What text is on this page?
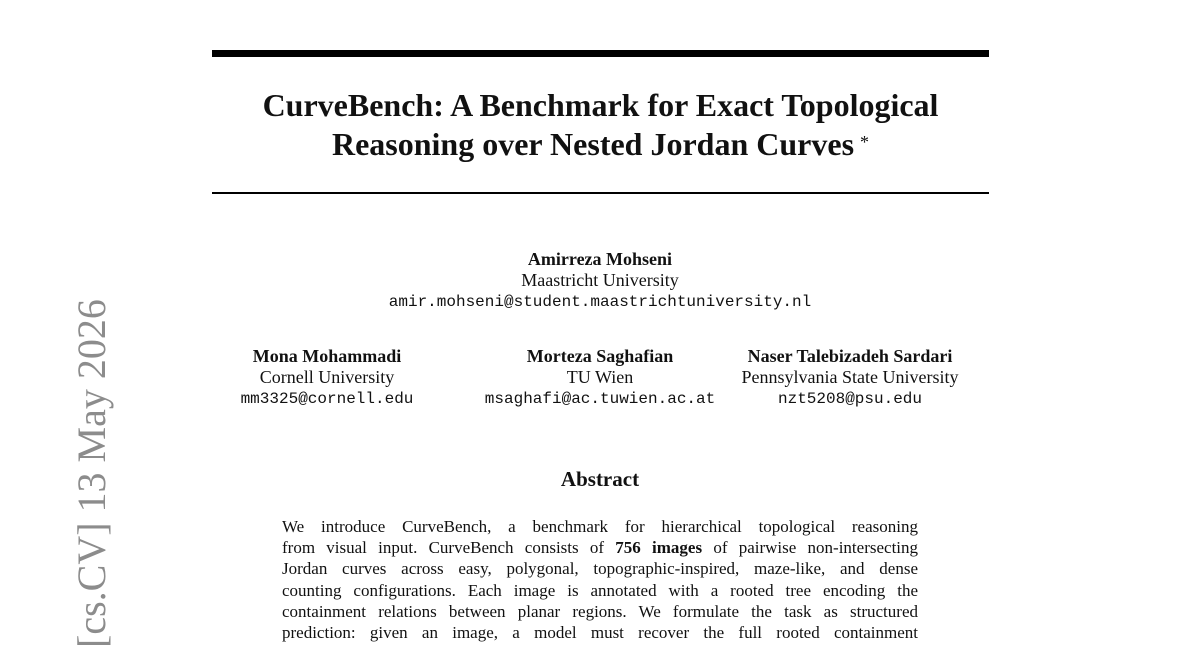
CurveBench: A Benchmark for Exact Topological
Reasoning over Nested Jordan Curves *
Amirreza Mohseni
Maastricht University
amir.mohseni@student.maastrichtuniversity.nl
Mona Mohammadi
Cornell University
mm3325@cornell.edu
Morteza Saghafian
TU Wien
msaghafi@ac.tuwien.ac.at
Naser Talebizadeh Sardari
Pennsylvania State University
nzt5208@psu.edu
Abstract
We introduce CurveBench, a benchmark for hierarchical topological reasoning
from visual input. CurveBench consists of 756 images of pairwise non-intersecting
Jordan curves across easy, polygonal, topographic-inspired, maze-like, and dense
counting configurations. Each image is annotated with a rooted tree encoding the
containment relations between planar regions. We formulate the task as structured
prediction: given an image, a model must recover the full rooted containment
[cs.CV] 13 May 2026
